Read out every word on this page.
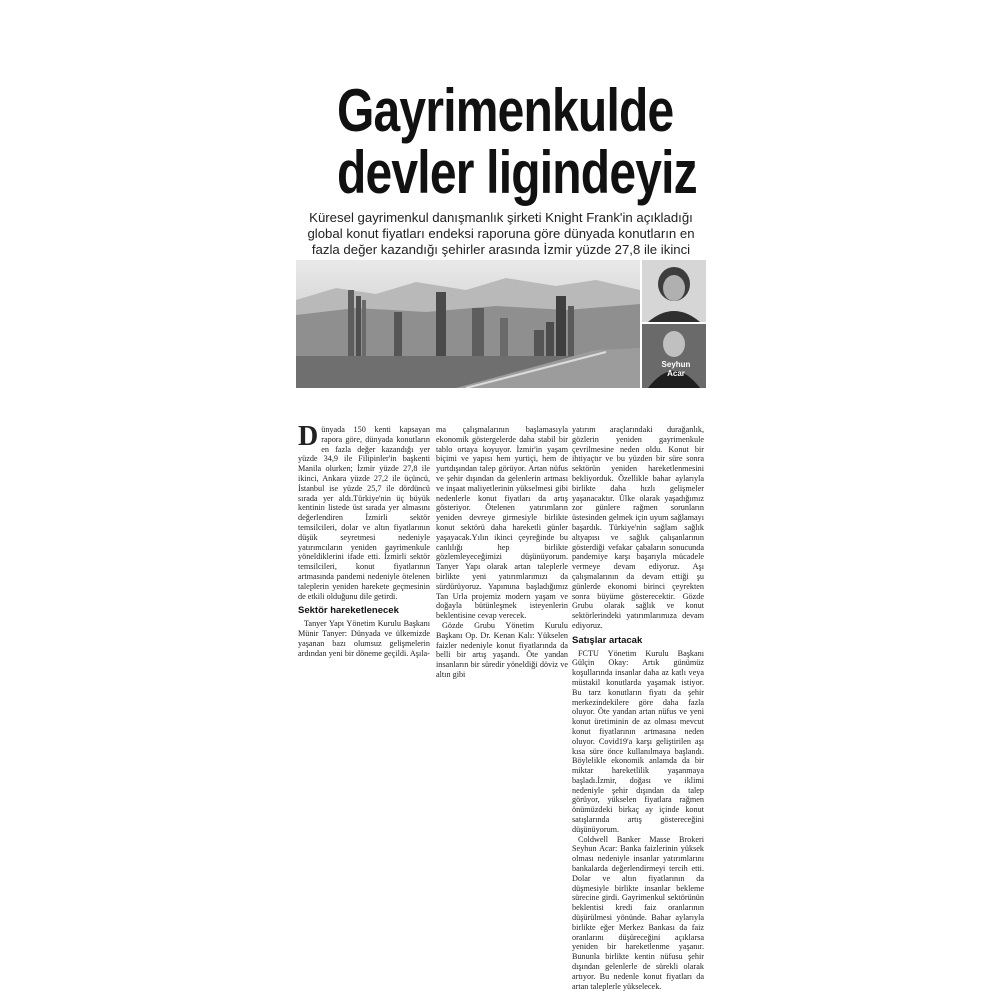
Gayrimenkulde
devler ligindeyiz
Küresel gayrimenkul danışmanlık şirketi Knight Frank'in açıkladığı global konut fiyatları endeksi raporuna göre dünyada konutların en fazla değer kazandığı şehirler arasında İzmir yüzde 27,8 ile ikinci
Seyhun
Acar

Dünyada 150 kenti kapsayan rapora göre, dünyada konutların en fazla değer kazandığı yer yüzde 34,9 ile Filipinler'in başkenti Manila olurken; İzmir yüzde 27,8 ile ikinci, Ankara yüzde 27,2 ile üçüncü, İstanbul ise yüzde 25,7 ile dördüncü sırada yer aldı.Türkiye'nin üç büyük kentinin listede üst sırada yer almasını değerlendiren İzmirli sektör temsilcileri, dolar ve altın fiyatlarının düşük seyretmesi nedeniyle yatırımcıların yeniden gayrimenkule yöneldiklerini ifade etti. İzmirli sektör temsilcileri, konut fiyatlarının artmasında pandemi nedeniyle ötelenen taleplerin yeniden harekete geçmesinin de etkili olduğunu dile getirdi.

Sektör hareketlenecek

Tanyer Yapı Yönetim Kurulu Başkanı Münir Tanyer: Dünyada ve ülkemizde yaşanan bazı olumsuz gelişmelerin ardından yeni bir döneme geçildi. Aşıla-

ma çalışmalarının başlamasıyla ekonomik göstergelerde daha stabil bir tablo ortaya koyuyor. İzmir'in yaşam biçimi ve yapısı hem yurtiçi, hem de yurtdışından talep görüyor. Artan nüfus ve şehir dışından da gelenlerin artması ve inşaat maliyetlerinin yükselmesi gibi nedenlerle konut fiyatları da artış gösteriyor. Ötelenen yatırımların yeniden devreye girmesiyle birlikte konut sektörü daha hareketli günler yaşayacak.Yılın ikinci çeyreğinde bu canlılığı hep birlikte gözlemleyeceğimizi düşünüyorum. Tanyer Yapı olarak artan taleplerle birlikte yeni yatırımlarımızı da sürdürüyoruz. Yapımına başladığımız Tan Urla projemiz modern yaşam ve doğayla bütünleşmek isteyenlerin beklentisine cevap verecek.

Gözde Grubu Yönetim Kurulu Başkanı Op. Dr. Kenan Kalı: Yükselen faizler nedeniyle konut fiyatlarında da belli bir artış yaşandı. Öte yandan insanların bir süredir yöneldiği döviz ve altın gibi

yatırım araçlarındaki durağanlık, gözlerin yeniden gayrimenkule çevrilmesine neden oldu. Konut bir ihtiyaçtır ve bu yüzden bir süre sonra sektörün yeniden hareketlenmesini bekliyorduk. Özellikle bahar aylarıyla birlikte daha hızlı gelişmeler yaşanacaktır. Ülke olarak yaşadığımız zor günlere rağmen sorunların üstesinden gelmek için uyum sağlamayı başardık. Türkiye'nin sağlam sağlık altyapısı ve sağlık çalışanlarının gösterdiği vefakar çabaların sonucunda pandemiye karşı başarıyla mücadele vermeye devam ediyoruz. Aşı çalışmalarının da devam ettiği şu günlerde ekonomi birinci çeyrekten sonra büyüme gösterecektir. Gözde Grubu olarak sağlık ve konut sektörlerindeki yatırımlarımıza devam ediyoruz.

Satışlar artacak

FCTU Yönetim Kurulu Başkanı Gülçin Okay: Artık günümüz koşullarında insanlar daha az katlı veya müstakil konutlarda yaşamak istiyor. Bu tarz konutların fiyatı da şehir merkezindekilere göre daha fazla oluyor. Öte yandan artan nüfus ve yeni konut üretiminin de az olması mevcut konut fiyatlarının artmasına neden oluyor. Covid19'a karşı geliştirilen aşı kısa süre önce kullanılmaya başlandı. Böylelikle ekonomik anlamda da bir miktar hareketlilik yaşanmaya başladı.İzmir, doğası ve iklimi nedeniyle şehir dışından da talep görüyor, yükselen fiyatlara rağmen önümüzdeki birkaç ay içinde konut satışlarında artış göstereceğini düşünüyorum.

Coldwell Banker Masse Brokeri Seyhun Acar: Banka faizlerinin yüksek olması nedeniyle insanlar yatırımlarını bankalarda değerlendirmeyi tercih etti. Dolar ve altın fiyatlarının da düşmesiyle birlikte insanlar bekleme sürecine girdi. Gayrimenkul sektörünün beklentisi kredi faiz oranlarının düşürülmesi yönünde. Bahar aylarıyla birlikte eğer Merkez Bankası da faiz oranlarını düşüreceğini açıklarsa yeniden bir hareketlenme yaşanır. Bununla birlikte kentin nüfusu şehir dışından gelenlerle de sürekli olarak artıyor. Bu nedenle konut fiyatları da artan taleplerle yükselecek.
